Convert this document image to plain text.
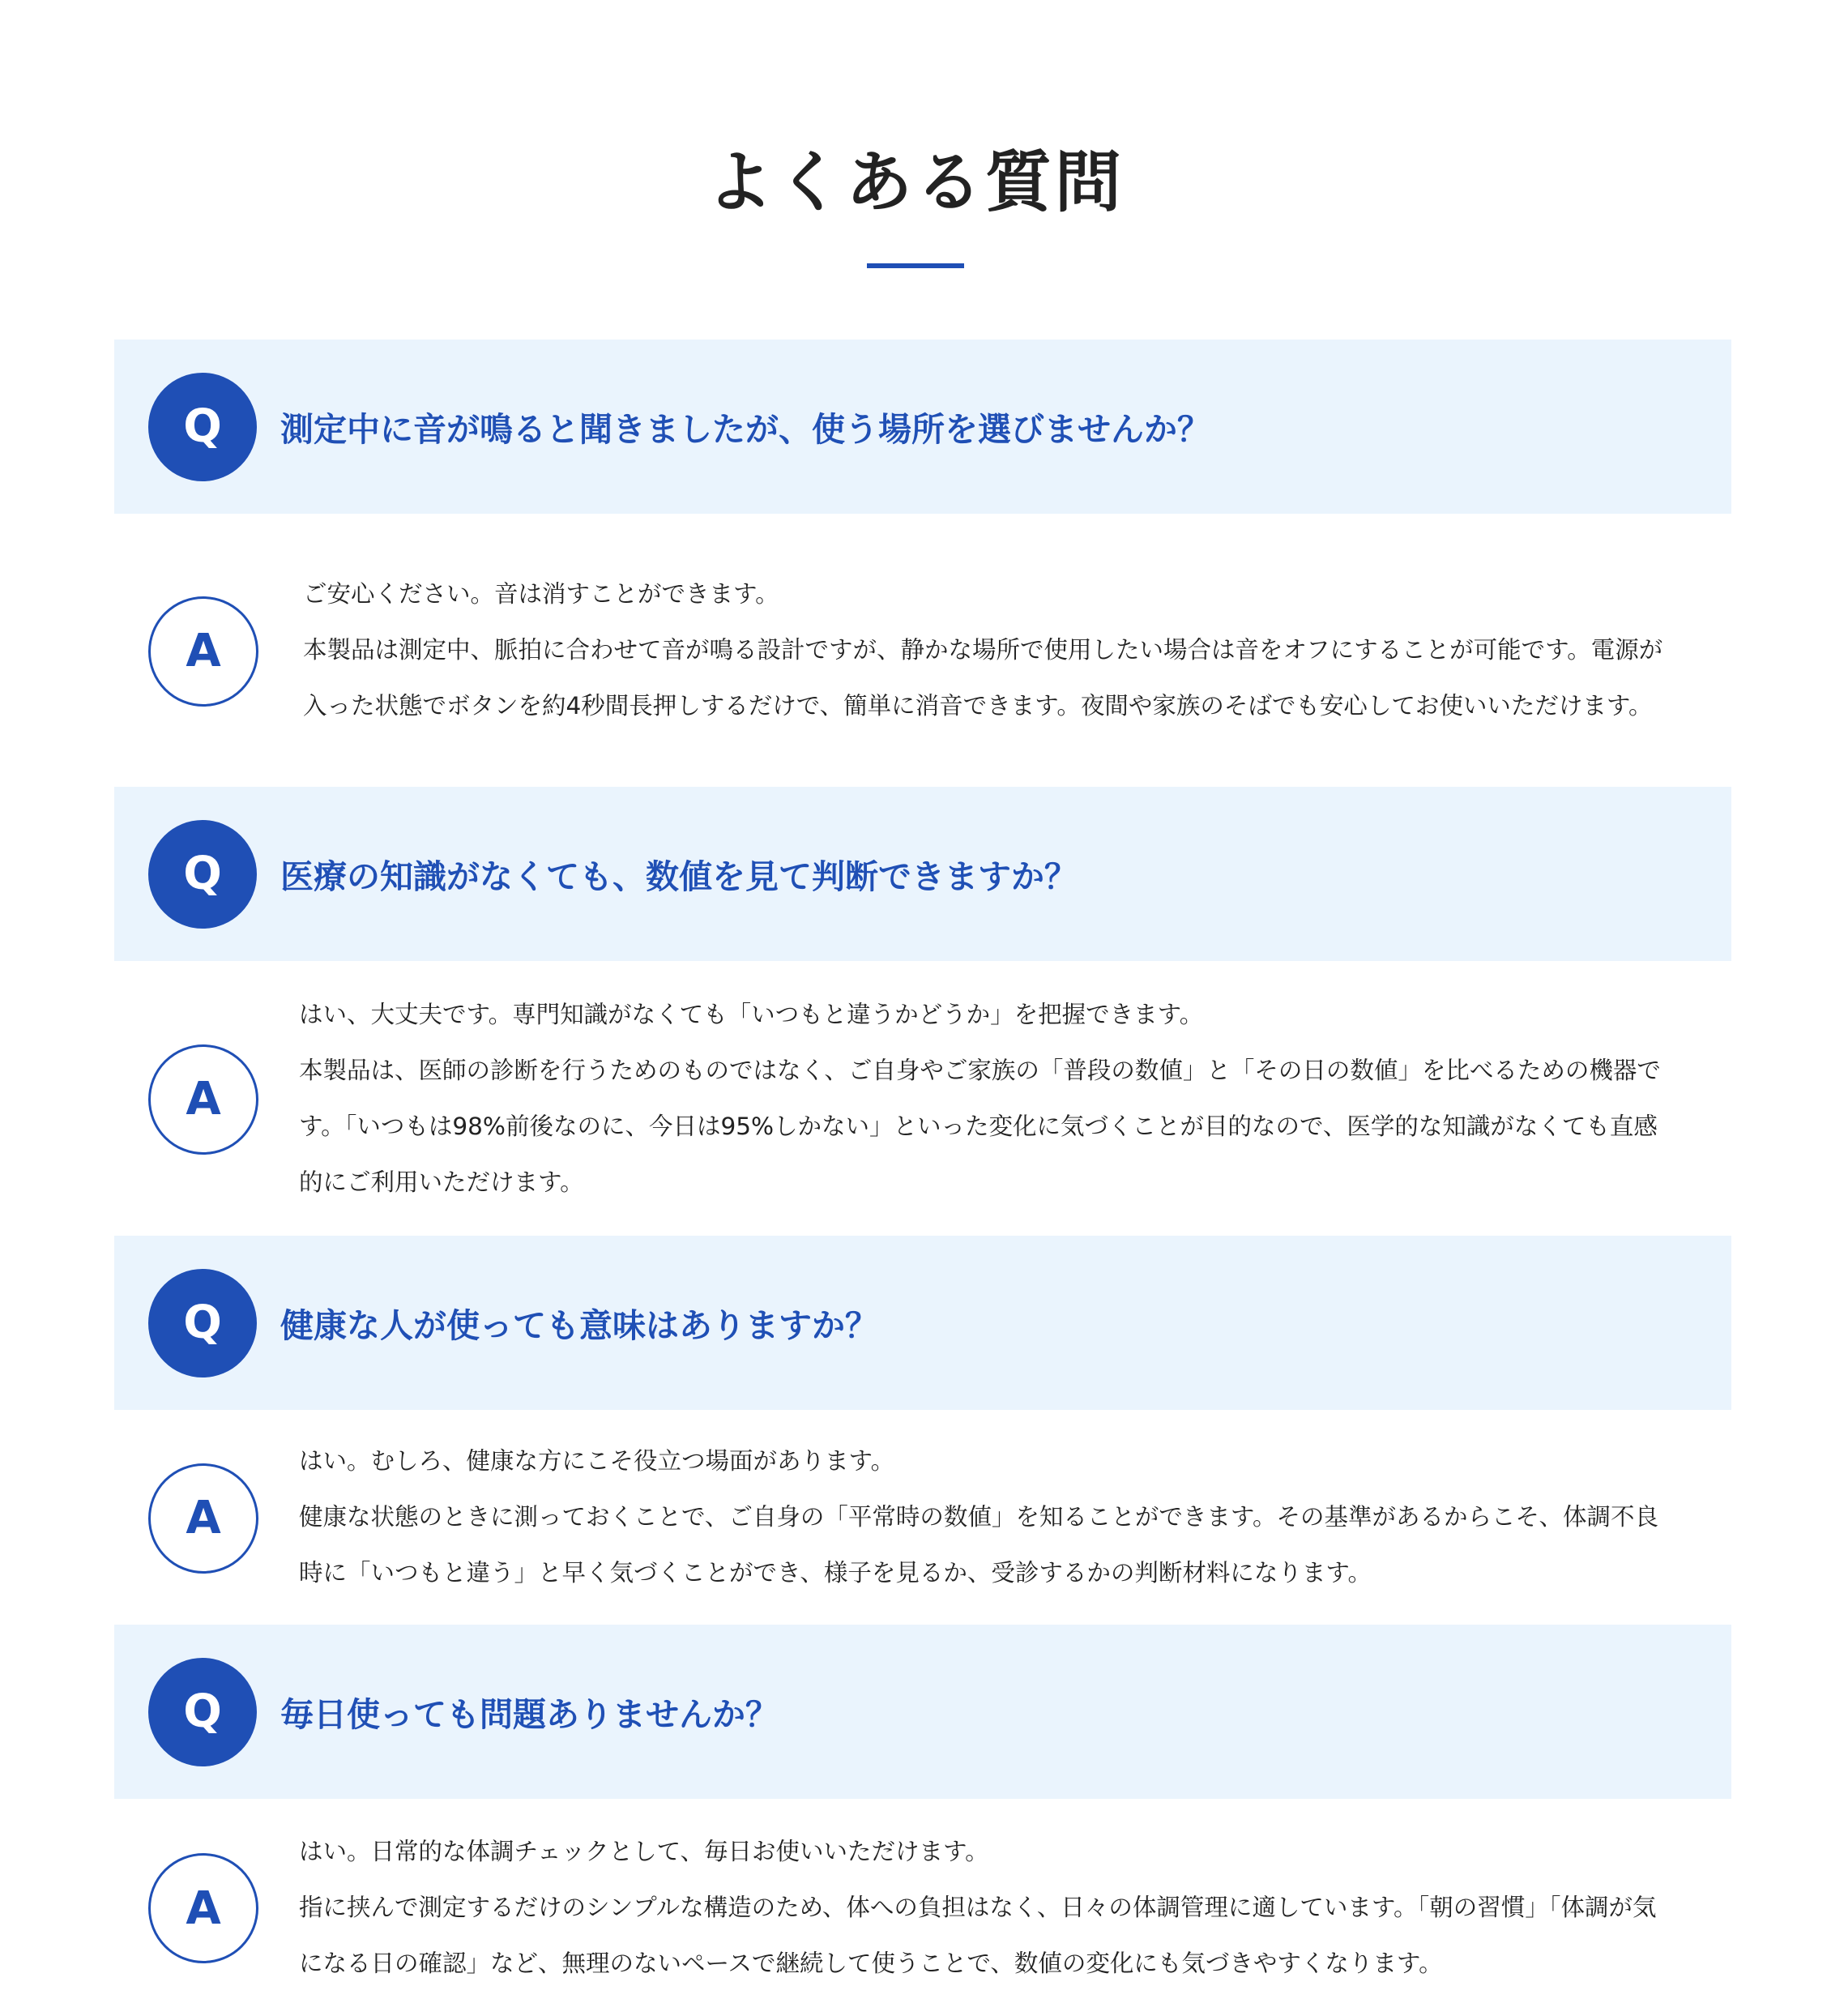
よくある質問
Q	測定中に音が鳴ると聞きましたが、使う場所を選びませんか？
A

ご安心ください。音は消すことができます。

本製品は測定中、脈拍に合わせて音が鳴る設計ですが、静かな場所で使用したい場合は音をオフにすることが可能です。電源が入った状態でボタンを約4秒間長押しするだけで、簡単に消音できます。夜間や家族のそばでも安心してお使いいただけます。

Q	医療の知識がなくても、数値を見て判断できますか？
A

はい、大丈夫です。専門知識がなくても「いつもと違うかどうか」を把握できます。

本製品は、医師の診断を行うためのものではなく、ご自身やご家族の「普段の数値」と「その日の数値」を比べるための機器です。「いつもは98%前後なのに、今日は95%しかない」といった変化に気づくことが目的なので、医学的な知識がなくても直感的にご利用いただけます。

Q	健康な人が使っても意味はありますか？
A

はい。むしろ、健康な方にこそ役立つ場面があります。

健康な状態のときに測っておくことで、ご自身の「平常時の数値」を知ることができます。その基準があるからこそ、体調不良時に「いつもと違う」と早く気づくことができ、様子を見るか、受診するかの判断材料になります。

Q	毎日使っても問題ありませんか？
A

はい。日常的な体調チェックとして、毎日お使いいただけます。

指に挟んで測定するだけのシンプルな構造のため、体への負担はなく、日々の体調管理に適しています。「朝の習慣」「体調が気になる日の確認」など、無理のないペースで継続して使うことで、数値の変化にも気づきやすくなります。
